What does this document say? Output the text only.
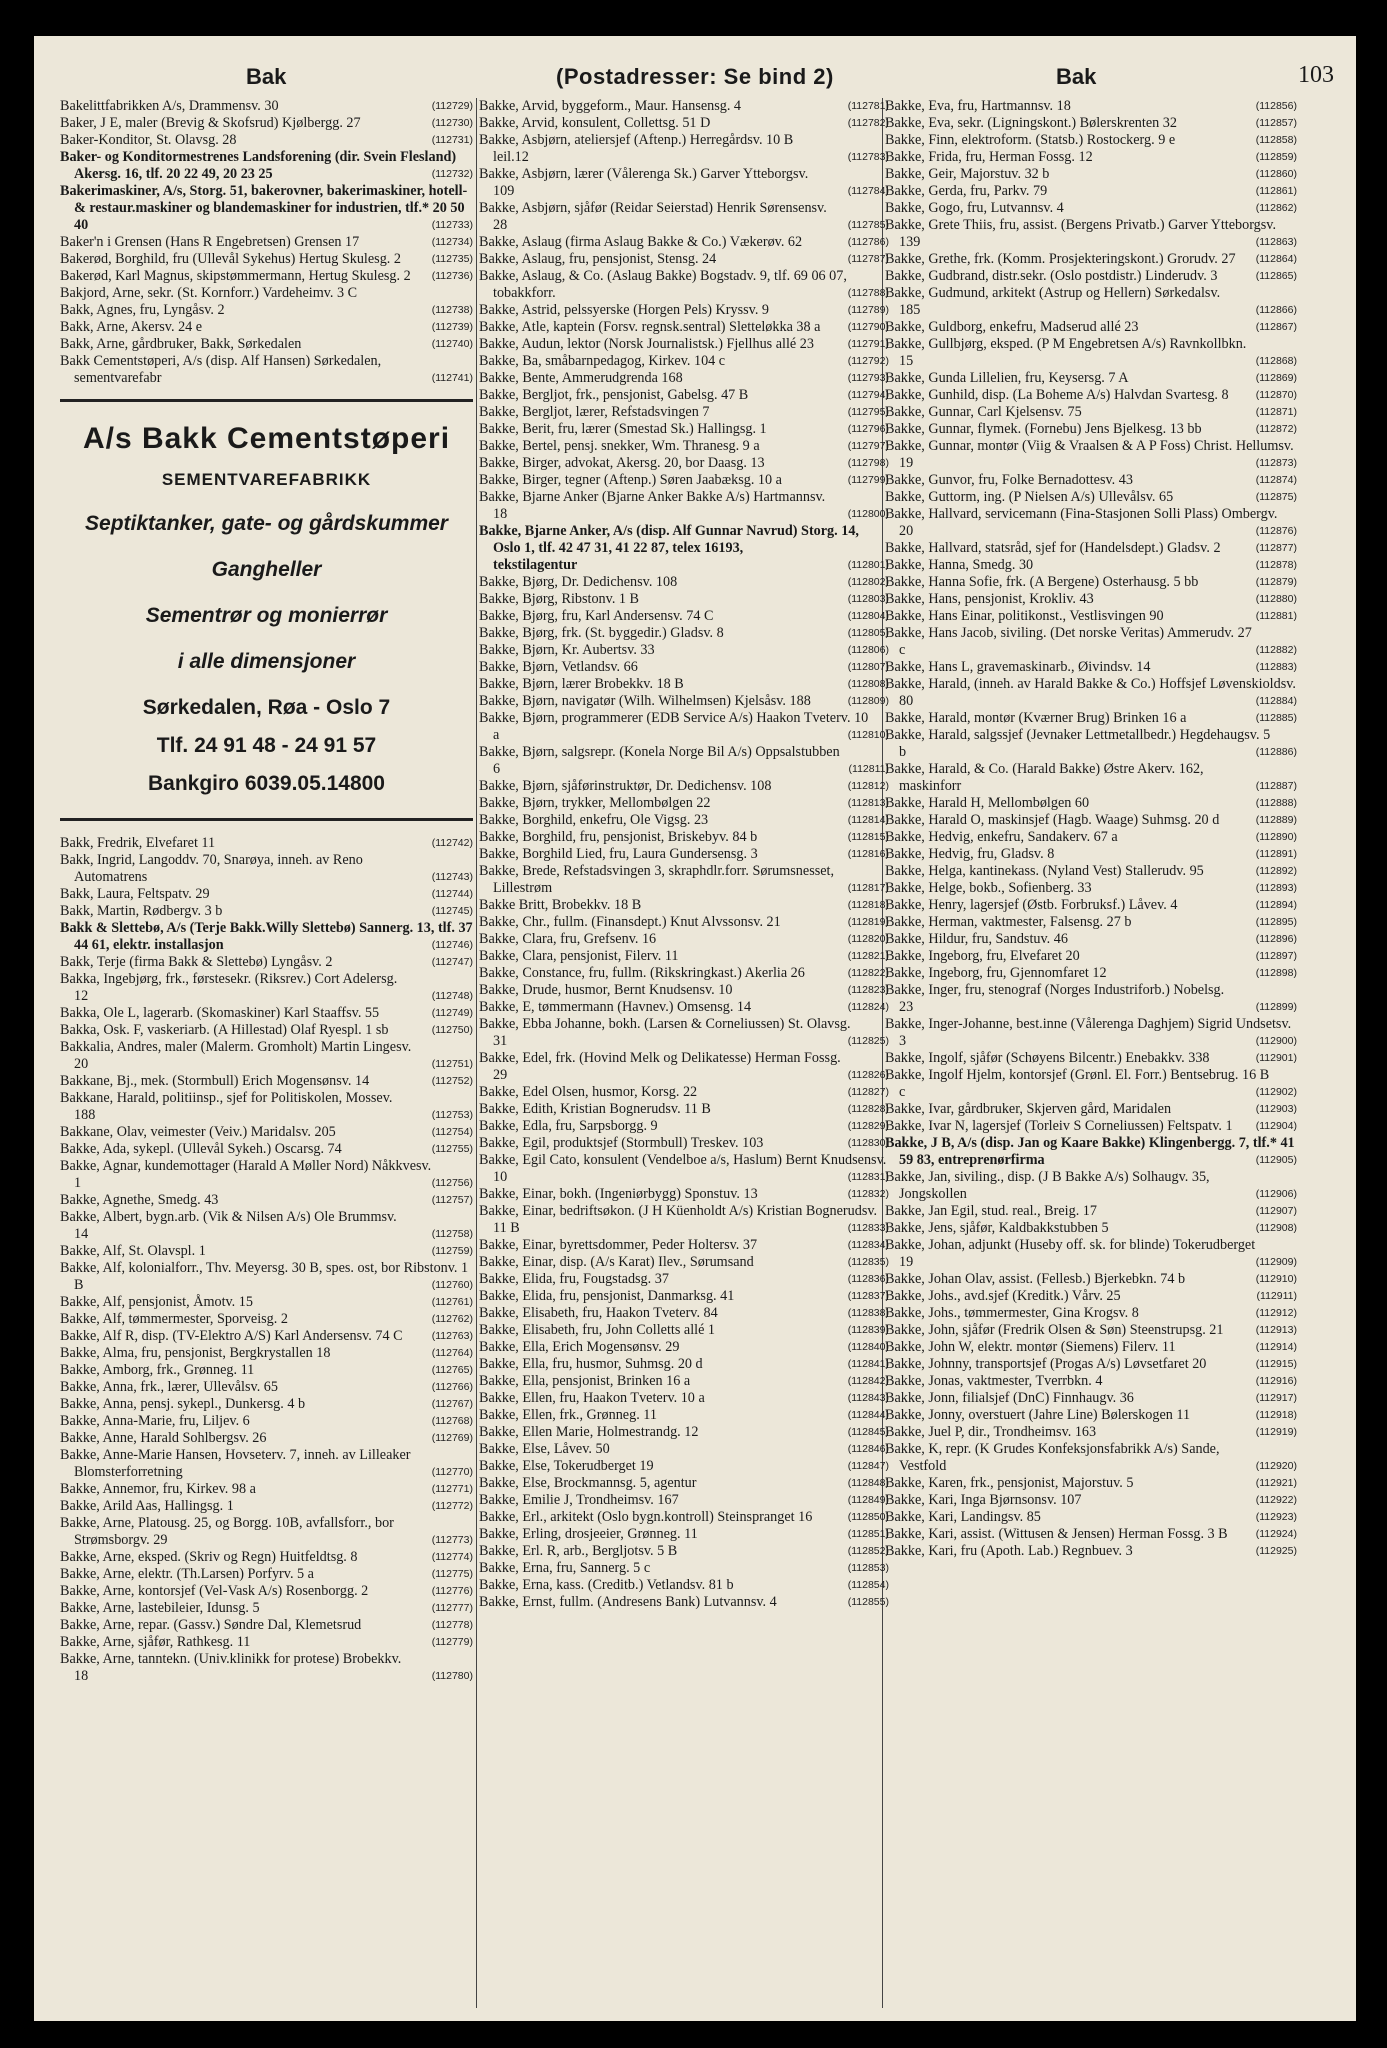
Bak	(Postadresser: Se bind 2)	Bak	103
Bakelittfabrikken A/s, Drammensv. 30	(112729)
Baker, J E, maler (Brevig & Skofsrud) Kjølbergg. 27	(112730)
Baker-Konditor, St. Olavsg. 28	(112731)
Baker- og Konditormestrenes Landsforening (dir. Svein Flesland) Akersg. 16, tlf. 20 22 49, 20 23 25	(112732)
Bakerimaskiner, A/s, Storg. 51, bakerovner, bakerimaskiner, hotell-& restaur.maskiner og blandemaskiner for industrien, tlf.* 20 50 40	(112733)
Baker'n i Grensen (Hans R Engebretsen) Grensen 17	(112734)
Bakerød, Borghild, fru (Ullevål Sykehus) Hertug Skulesg. 2	(112735)
Bakerød, Karl Magnus, skipstømmermann, Hertug Skulesg. 2 (112736)
Bakjord, Arne, sekr. (St. Kornforr.) Vardeheimv. 3 C
Bakk, Agnes, fru, Lyngåsv. 2	(112738)
Bakk, Arne, Akersv. 24 e	(112739)
Bakk, Arne, gårdbruker, Bakk, Sørkedalen	(112740)
Bakk Cementstøperi, A/s (disp. Alf Hansen) Sørkedalen, sementvarefabr	(112741)
A/s Bakk Cementstøperi
SEMENTVAREFABRIKK
Septiktanker, gate- og gårdskummer
Gangheller
Sementrør og monierrør
i alle dimensjoner
Sørkedalen, Røa - Oslo 7
Tlf. 24 91 48 - 24 91 57
Bankgiro 6039.05.14800
Bakk, Fredrik, Elvefaret 11	(112742)
Bakk, Ingrid, Langoddv. 70, Snarøya, inneh. av Reno Automatrens	(112743)
Bakk, Laura, Feltspatv. 29	(112744)
Bakk, Martin, Rødbergv. 3 b	(112745)
Bakk & Slettebø, A/s (Terje Bakk.Willy Slettebø) Sannerg. 13, tlf. 37 44 61, elektr. installasjon	(112746)
Bakk, Terje (firma Bakk & Slettebø) Lyngåsv. 2	(112747)
Bakka, Ingebjørg, frk., førstesekr. (Riksrev.) Cort Adelersg. 12	(112748)
Bakka, Ole L, lagerarb. (Skomaskiner) Karl Staaffsv. 55	(112749)
Bakka, Osk. F, vaskeriarb. (A Hillestad) Olaf Ryespl. 1 sb	(112750)
Bakkalia, Andres, maler (Malerm. Gromholt) Martin Lingesv. 20	(112751)
Bakkane, Bj., mek. (Stormbull) Erich Mogensønsv. 14	(112752)
Bakkane, Harald, politiinsp., sjef for Politiskolen, Mossev. 188	(112753)
Bakkane, Olav, veimester (Veiv.) Maridalsv. 205	(112754)
Bakke, Ada, sykepl. (Ullevål Sykeh.) Oscarsg. 74	(112755)
Bakke, Agnar, kundemottager (Harald A Møller Nord) Nåkkvesv. 1	(112756)
Bakke, Agnethe, Smedg. 43	(112757)
Bakke, Albert, bygn.arb. (Vik & Nilsen A/s) Ole Brummsv. 14	(112758)
Bakke, Alf, St. Olavspl. 1	(112759)
Bakke, Alf, kolonialforr., Thv. Meyersg. 30 B, spes. ost, bor Ribstonv. 1 B	(112760)
Bakke, Alf, pensjonist, Åmotv. 15	(112761)
Bakke, Alf, tømmermester, Sporveisg. 2	(112762)
Bakke, Alf R, disp. (TV-Elektro A/S) Karl Andersensv. 74 C	(112763)
Bakke, Alma, fru, pensjonist, Bergkrystallen 18	(112764)
Bakke, Amborg, frk., Grønneg. 11	(112765)
Bakke, Anna, frk., lærer, Ullevålsv. 65	(112766)
Bakke, Anna, pensj. sykepl., Dunkersg. 4 b	(112767)
Bakke, Anna-Marie, fru, Liljev. 6	(112768)
Bakke, Anne, Harald Sohlbergsv. 26	(112769)
Bakke, Anne-Marie Hansen, Hovseterv. 7, inneh. av Lilleaker Blomsterforretning	(112770)
Bakke, Annemor, fru, Kirkev. 98 a	(112771)
Bakke, Arild Aas, Hallingsg. 1	(112772)
Bakke, Arne, Platousg. 25, og Borgg. 10B, avfallsforr., bor Strømsborgv. 29	(112773)
Bakke, Arne, eksped. (Skriv og Regn) Huitfeldtsg. 8	(112774)
Bakke, Arne, elektr. (Th.Larsen) Porfyrv. 5 a	(112775)
Bakke, Arne, kontorsjef (Vel-Vask A/s) Rosenborgg. 2	(112776)
Bakke, Arne, lastebileier, Idunsg. 5	(112777)
Bakke, Arne, repar. (Gassv.) Søndre Dal, Klemetsrud	(112778)
Bakke, Arne, sjåfør, Rathkesg. 11	(112779)
Bakke, Arne, tanntekn. (Univ.klinikk for protese) Brobekkv. 18	(112780)
Bakke, Arvid, byggeform., Maur. Hansensg. 4	(112781)
Bakke, Arvid, konsulent, Collettsg. 51 D	(112782)
Bakke, Asbjørn, ateliersjef (Aftenp.) Herregårdsv. 10 B leil.12	(112783)
Bakke, Asbjørn, lærer (Vålerenga Sk.) Garver Ytteborgsv. 109	(112784)
Bakke, Asbjørn, sjåfør (Reidar Seierstad) Henrik Sørensensv. 28	(112785)
Bakke, Aslaug (firma Aslaug Bakke & Co.) Vækerøv. 62	(112786)
Bakke, Aslaug, fru, pensjonist, Stensg. 24	(112787)
Bakke, Aslaug, & Co. (Aslaug Bakke) Bogstadv. 9, tlf. 69 06 07, tobakkforr.	(112788)
Bakke, Astrid, pelssyerske (Horgen Pels) Kryssv. 9	(112789)
Bakke, Atle, kaptein (Forsv. regnsk.sentral) Sletteløkka 38 a	(112790)
Bakke, Audun, lektor (Norsk Journalistsk.) Fjellhus allé 23	(112791)
Bakke, Ba, småbarnpedagog, Kirkev. 104 c	(112792)
Bakke, Bente, Ammerudgrenda 168	(112793)
Bakke, Bergljot, frk., pensjonist, Gabelsg. 47 B	(112794)
Bakke, Bergljot, lærer, Refstadsvingen 7	(112795)
Bakke, Berit, fru, lærer (Smestad Sk.) Hallingsg. 1	(112796)
Bakke, Bertel, pensj. snekker, Wm. Thranesg. 9 a	(112797)
Bakke, Birger, advokat, Akersg. 20, bor Daasg. 13	(112798)
Bakke, Birger, tegner (Aftenp.) Søren Jaabæksg. 10 a	(112799)
Bakke, Bjarne Anker (Bjarne Anker Bakke A/s) Hartmannsv. 18	(112800)
Bakke, Bjarne Anker, A/s (disp. Alf Gunnar Navrud) Storg. 14, Oslo 1, tlf. 42 47 31, 41 22 87, telex 16193, tekstilagentur	(112801)
Bakke, Bjørg, Dr. Dedichensv. 108	(112802)
Bakke, Bjørg, Ribstonv. 1 B	(112803)
Bakke, Bjørg, fru, Karl Andersensv. 74 C	(112804)
Bakke, Bjørg, frk. (St. byggedir.) Gladsv. 8	(112805)
Bakke, Bjørn, Kr. Aubertsv. 33	(112806)
Bakke, Bjørn, Vetlandsv. 66	(112807)
Bakke, Bjørn, lærer Brobekkv. 18 B	(112808)
Bakke, Bjørn, navigatør (Wilh. Wilhelmsen) Kjelsåsv. 188	(112809)
Bakke, Bjørn, programmerer (EDB Service A/s) Haakon Tveterv. 10 a	(112810)
Bakke, Bjørn, salgsrepr. (Konela Norge Bil A/s) Oppsalstubben 6	(112811)
Bakke, Bjørn, sjåførinstruktør, Dr. Dedichensv. 108	(112812)
Bakke, Bjørn, trykker, Mellombølgen 22	(112813)
Bakke, Borghild, enkefru, Ole Vigsg. 23	(112814)
Bakke, Borghild, fru, pensjonist, Briskebyv. 84 b	(112815)
Bakke, Borghild Lied, fru, Laura Gundersensg. 3	(112816)
Bakke, Brede, Refstadsvingen 3, skraphdlr.forr. Sørumsnesset, Lillestrøm	(112817)
Bakke Britt, Brobekkv. 18 B	(112818)
Bakke, Chr., fullm. (Finansdept.) Knut Alvssonsv. 21	(112819)
Bakke, Clara, fru, Grefsenv. 16	(112820)
Bakke, Clara, pensjonist, Filerv. 11	(112821)
Bakke, Constance, fru, fullm. (Rikskringkast.) Akerlia 26	(112822)
Bakke, Drude, husmor, Bernt Knudsensv. 10	(112823)
Bakke, E, tømmermann (Havnev.) Omsensg. 14	(112824)
Bakke, Ebba Johanne, bokh. (Larsen & Corneliussen) St. Olavsg. 31	(112825)
Bakke, Edel, frk. (Hovind Melk og Delikatesse) Herman Fossg. 29	(112826)
Bakke, Edel Olsen, husmor, Korsg. 22	(112827)
Bakke, Edith, Kristian Bognerudsv. 11 B	(112828)
Bakke, Edla, fru, Sarpsborgg. 9	(112829)
Bakke, Egil, produktsjef (Stormbull) Treskev. 103	(112830)
Bakke, Egil Cato, konsulent (Vendelboe a/s, Haslum) Bernt Knudsensv. 10	(112831)
Bakke, Einar, bokh. (Ingeniørbygg) Sponstuv. 13	(112832)
Bakke, Einar, bedriftsøkon. (J H Küenholdt A/s) Kristian Bognerudsv. 11 B	(112833)
Bakke, Einar, byrettsdommer, Peder Holtersv. 37	(112834)
Bakke, Einar, disp. (A/s Karat) Ilev., Sørumsand	(112835)
Bakke, Elida, fru, Fougstadsg. 37	(112836)
Bakke, Elida, fru, pensjonist, Danmarksg. 41	(112837)
Bakke, Elisabeth, fru, Haakon Tveterv. 84	(112838)
Bakke, Elisabeth, fru, John Colletts allé 1	(112839)
Bakke, Ella, Erich Mogensønsv. 29	(112840)
Bakke, Ella, fru, husmor, Suhmsg. 20 d	(112841)
Bakke, Ella, pensjonist, Brinken 16 a	(112842)
Bakke, Ellen, fru, Haakon Tveterv. 10 a	(112843)
Bakke, Ellen, frk., Grønneg. 11	(112844)
Bakke, Ellen Marie, Holmestrandg. 12	(112845)
Bakke, Else, Låvev. 50	(112846)
Bakke, Else, Tokerudberget 19	(112847)
Bakke, Else, Brockmannsg. 5, agentur	(112848)
Bakke, Emilie J, Trondheimsv. 167	(112849)
Bakke, Erl., arkitekt (Oslo bygn.kontroll) Steinspranget 16	(112850)
Bakke, Erling, drosjeeier, Grønneg. 11	(112851)
Bakke, Erl. R, arb., Bergljotsv. 5 B	(112852)
Bakke, Erna, fru, Sannerg. 5 c	(112853)
Bakke, Erna, kass. (Creditb.) Vetlandsv. 81 b	(112854)
Bakke, Ernst, fullm. (Andresens Bank) Lutvannsv. 4	(112855)
Bakke, Eva, fru, Hartmannsv. 18	(112856)
Bakke, Eva, sekr. (Ligningskont.) Bølerskrenten 32	(112857)
Bakke, Finn, elektroform. (Statsb.) Rostockerg. 9 e	(112858)
Bakke, Frida, fru, Herman Fossg. 12	(112859)
Bakke, Geir, Majorstuv. 32 b	(112860)
Bakke, Gerda, fru, Parkv. 79	(112861)
Bakke, Gogo, fru, Lutvannsv. 4	(112862)
Bakke, Grete Thiis, fru, assist. (Bergens Privatb.) Garver Ytteborgsv. 139	(112863)
Bakke, Grethe, frk. (Komm. Prosjekteringskont.) Grorudv. 27 (112864)
Bakke, Gudbrand, distr.sekr. (Oslo postdistr.) Linderudv. 3	(112865)
Bakke, Gudmund, arkitekt (Astrup og Hellern) Sørkedalsv. 185	(112866)
Bakke, Guldborg, enkefru, Madserud allé 23	(112867)
Bakke, Gullbjørg, eksped. (P M Engebretsen A/s) Ravnkollbkn. 15	(112868)
Bakke, Gunda Lillelien, fru, Keysersg. 7 A	(112869)
Bakke, Gunhild, disp. (La Boheme A/s) Halvdan Svartesg. 8	(112870)
Bakke, Gunnar, Carl Kjelsensv. 75	(112871)
Bakke, Gunnar, flymek. (Fornebu) Jens Bjelkesg. 13 bb	(112872)
Bakke, Gunnar, montør (Viig & Vraalsen & A P Foss) Christ. Hellumsv. 19	(112873)
Bakke, Gunvor, fru, Folke Bernadottesv. 43	(112874)
Bakke, Guttorm, ing. (P Nielsen A/s) Ullevålsv. 65	(112875)
Bakke, Hallvard, servicemann (Fina-Stasjonen Solli Plass) Ombergv. 20	(112876)
Bakke, Hallvard, statsråd, sjef for (Handelsdept.) Gladsv. 2	(112877)
Bakke, Hanna, Smedg. 30	(112878)
Bakke, Hanna Sofie, frk. (A Bergene) Osterhausg. 5 bb	(112879)
Bakke, Hans, pensjonist, Krokliv. 43	(112880)
Bakke, Hans Einar, politikonst., Vestlisvingen 90	(112881)
Bakke, Hans Jacob, siviling. (Det norske Veritas) Ammerudv. 27 c	(112882)
Bakke, Hans L, gravemaskinarb., Øivindsv. 14	(112883)
Bakke, Harald, (inneh. av Harald Bakke & Co.) Hoffsjef Løvenskioldsv. 80	(112884)
Bakke, Harald, montør (Kværner Brug) Brinken 16 a	(112885)
Bakke, Harald, salgssjef (Jevnaker Lettmetallbedr.) Hegdehaugsv. 5 b	(112886)
Bakke, Harald, & Co. (Harald Bakke) Østre Akerv. 162, maskinforr	(112887)
Bakke, Harald H, Mellombølgen 60	(112888)
Bakke, Harald O, maskinsjef (Hagb. Waage) Suhmsg. 20 d	(112889)
Bakke, Hedvig, enkefru, Sandakerv. 67 a	(112890)
Bakke, Hedvig, fru, Gladsv. 8	(112891)
Bakke, Helga, kantinekass. (Nyland Vest) Stallerudv. 95	(112892)
Bakke, Helge, bokb., Sofienberg. 33	(112893)
Bakke, Henry, lagersjef (Østb. Forbruksf.) Låvev. 4	(112894)
Bakke, Herman, vaktmester, Falsensg. 27 b	(112895)
Bakke, Hildur, fru, Sandstuv. 46	(112896)
Bakke, Ingeborg, fru, Elvefaret 20	(112897)
Bakke, Ingeborg, fru, Gjennomfaret 12	(112898)
Bakke, Inger, fru, stenograf (Norges Industriforb.) Nobelsg. 23	(112899)
Bakke, Inger-Johanne, best.inne (Vålerenga Daghjem) Sigrid Undsetsv. 3	(112900)
Bakke, Ingolf, sjåfør (Schøyens Bilcentr.) Enebakkv. 338	(112901)
Bakke, Ingolf Hjelm, kontorsjef (Grønl. El. Forr.) Bentsebrug. 16 B c	(112902)
Bakke, Ivar, gårdbruker, Skjerven gård, Maridalen	(112903)
Bakke, Ivar N, lagersjef (Torleiv S Corneliussen) Feltspatv. 1 (112904)
Bakke, J B, A/s (disp. Jan og Kaare Bakke) Klingenbergg. 7, tlf.* 41 59 83, entreprenørfirma	(112905)
Bakke, Jan, siviling., disp. (J B Bakke A/s) Solhaugv. 35, Jongskollen	(112906)
Bakke, Jan Egil, stud. real., Breig. 17	(112907)
Bakke, Jens, sjåfør, Kaldbakkstubben 5	(112908)
Bakke, Johan, adjunkt (Huseby off. sk. for blinde) Tokerudberget 19	(112909)
Bakke, Johan Olav, assist. (Fellesb.) Bjerkebkn. 74 b	(112910)
Bakke, Johs., avd.sjef (Kreditk.) Vårv. 25	(112911)
Bakke, Johs., tømmermester, Gina Krogsv. 8	(112912)
Bakke, John, sjåfør (Fredrik Olsen & Søn) Steenstrupsg. 21	(112913)
Bakke, John W, elektr. montør (Siemens) Filerv. 11	(112914)
Bakke, Johnny, transportsjef (Progas A/s) Løvsetfaret 20	(112915)
Bakke, Jonas, vaktmester, Tverrbkn. 4	(112916)
Bakke, Jonn, filialsjef (DnC) Finnhaugv. 36	(112917)
Bakke, Jonny, overstuert (Jahre Line) Bølerskogen 11	(112918)
Bakke, Juel P, dir., Trondheimsv. 163	(112919)
Bakke, K, repr. (K Grudes Konfeksjonsfabrikk A/s) Sande, Vestfold	(112920)
Bakke, Karen, frk., pensjonist, Majorstuv. 5	(112921)
Bakke, Kari, Inga Bjørnsonsv. 107	(112922)
Bakke, Kari, Landingsv. 85	(112923)
Bakke, Kari, assist. (Wittusen & Jensen) Herman Fossg. 3 B	(112924)
Bakke, Kari, fru (Apoth. Lab.) Regnbuev. 3	(112925)
